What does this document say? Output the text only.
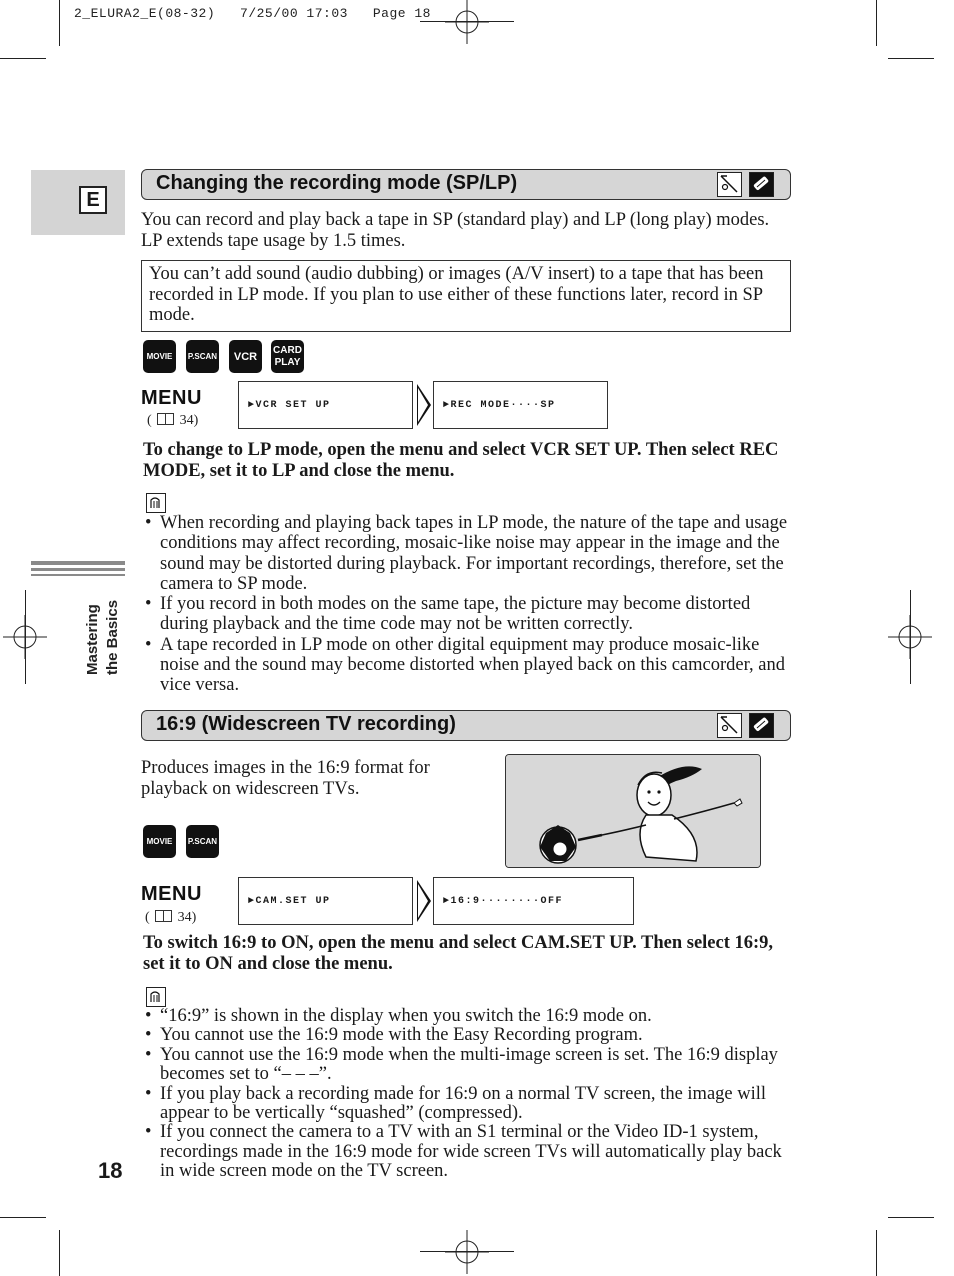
2_ELURA2_E(08-32)   7/25/00 17:03   Page 18
E
Mastering the Basics
Changing the recording mode (SP/LP)
You can record and play back a tape in SP (standard play) and LP (long play) modes. LP extends tape usage by 1.5 times.
You can’t add sound (audio dubbing) or images (A/V insert) to a tape that has been recorded in LP mode. If you plan to use either of these functions later, record in SP mode.
MOVIE	P.SCAN	VCR
CARD PLAY
MENU
(  34)
►VCR SET UP	►REC MODE····SP
To change to LP mode, open the menu and select VCR SET UP. Then select REC MODE, set it to LP and close the menu.
• When recording and playing back tapes in LP mode, the nature of the tape and usage conditions may affect recording, mosaic-like noise may appear in the image and the sound may be distorted during playback. For important recordings, therefore, set the camera to SP mode.
• If you record in both modes on the same tape, the picture may become distorted during playback and the time code may not be written correctly.
• A tape recorded in LP mode on other digital equipment may produce mosaic-like noise and the sound may become distorted when played back on this camcorder, and vice versa.
16:9 (Widescreen TV recording)
Produces images in the 16:9 format for playback on widescreen TVs.
MOVIE	P.SCAN
MENU
(  34)
►CAM.SET UP	►16:9········OFF
To switch 16:9 to ON, open the menu and select CAM.SET UP. Then select 16:9, set it to ON and close the menu.
• “16:9” is shown in the display when you switch the 16:9 mode on.
• You cannot use the 16:9 mode with the Easy Recording program.
• You cannot use the 16:9 mode when the multi-image screen is set. The 16:9 display becomes set to “– – –”.
• If you play back a recording made for 16:9 on a normal TV screen, the image will appear to be vertically “squashed” (compressed).
• If you connect the camera to a TV with an S1 terminal or the Video ID-1 system, recordings made in the 16:9 mode for wide screen TVs will automatically play back in wide screen mode on the TV screen.
18
